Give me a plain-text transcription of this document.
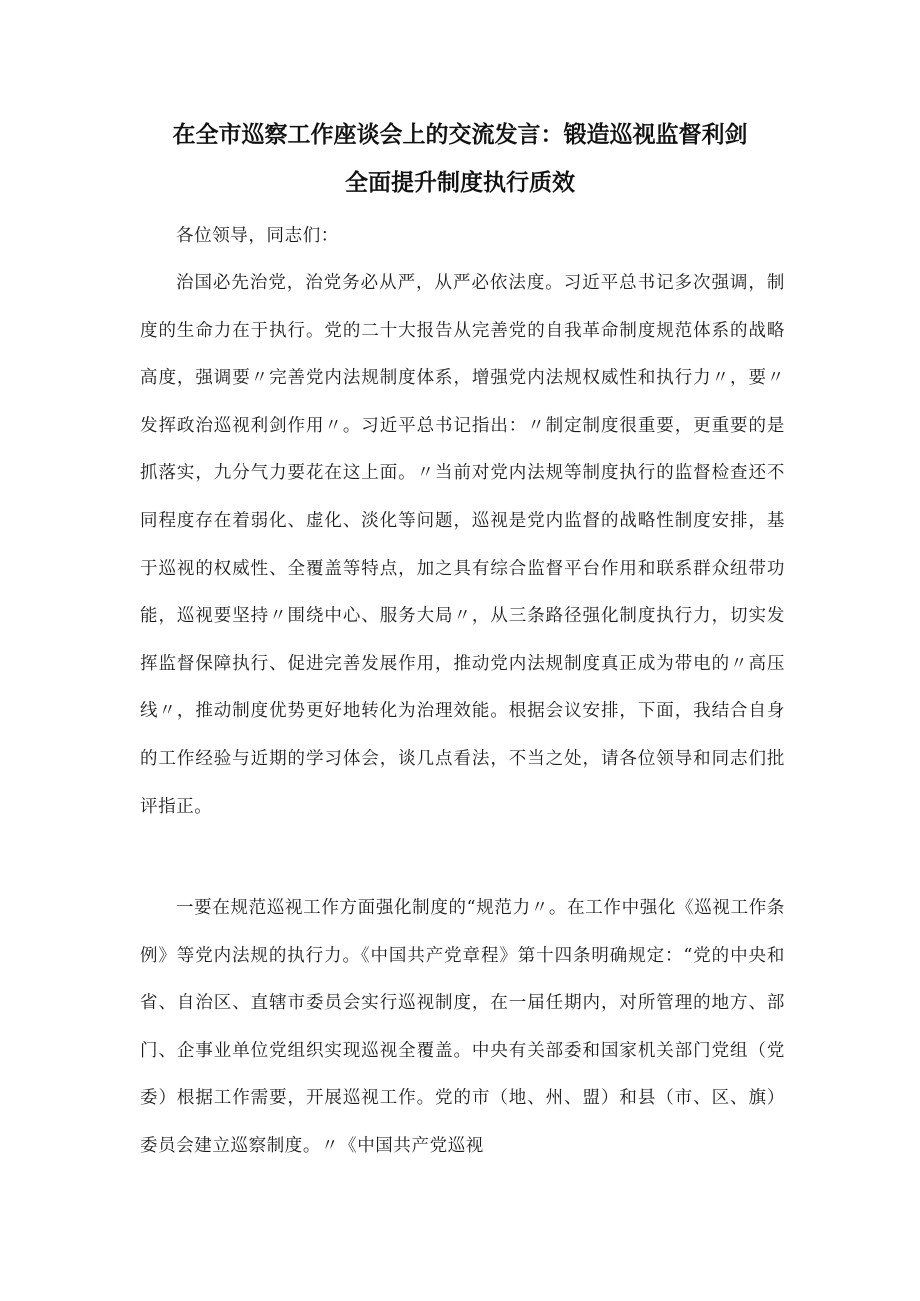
在全市巡察工作座谈会上的交流发言：锻造巡视监督利剑
全面提升制度执行质效

各位领导，同志们：

治国必先治党，治党务必从严，从严必依法度。习近平总书记多次强调，制度的生命力在于执行。党的二十大报告从完善党的自我革命制度规范体系的战略高度，强调要〃完善党内法规制度体系，增强党内法规权威性和执行力〃，要〃发挥政治巡视利剑作用〃。习近平总书记指出：〃制定制度很重要，更重要的是抓落实，九分气力要花在这上面。〃当前对党内法规等制度执行的监督检查还不同程度存在着弱化、虚化、淡化等问题，巡视是党内监督的战略性制度安排，基于巡视的权威性、全覆盖等特点，加之具有综合监督平台作用和联系群众纽带功能，巡视要坚持〃围绕中心、服务大局〃，从三条路径强化制度执行力，切实发挥监督保障执行、促进完善发展作用，推动党内法规制度真正成为带电的〃高压线〃，推动制度优势更好地转化为治理效能。根据会议安排，下面，我结合自身的工作经验与近期的学习体会，谈几点看法，不当之处，请各位领导和同志们批评指正。

一要在规范巡视工作方面强化制度的“规范力〃。在工作中强化《巡视工作条例》等党内法规的执行力。《中国共产党章程》第十四条明确规定：“党的中央和省、自治区、直辖市委员会实行巡视制度，在一届任期内，对所管理的地方、部门、企事业单位党组织实现巡视全覆盖。中央有关部委和国家机关部门党组（党委）根据工作需要，开展巡视工作。党的市（地、州、盟）和县（市、区、旗）委员会建立巡察制度。〃《中国共产党巡视
